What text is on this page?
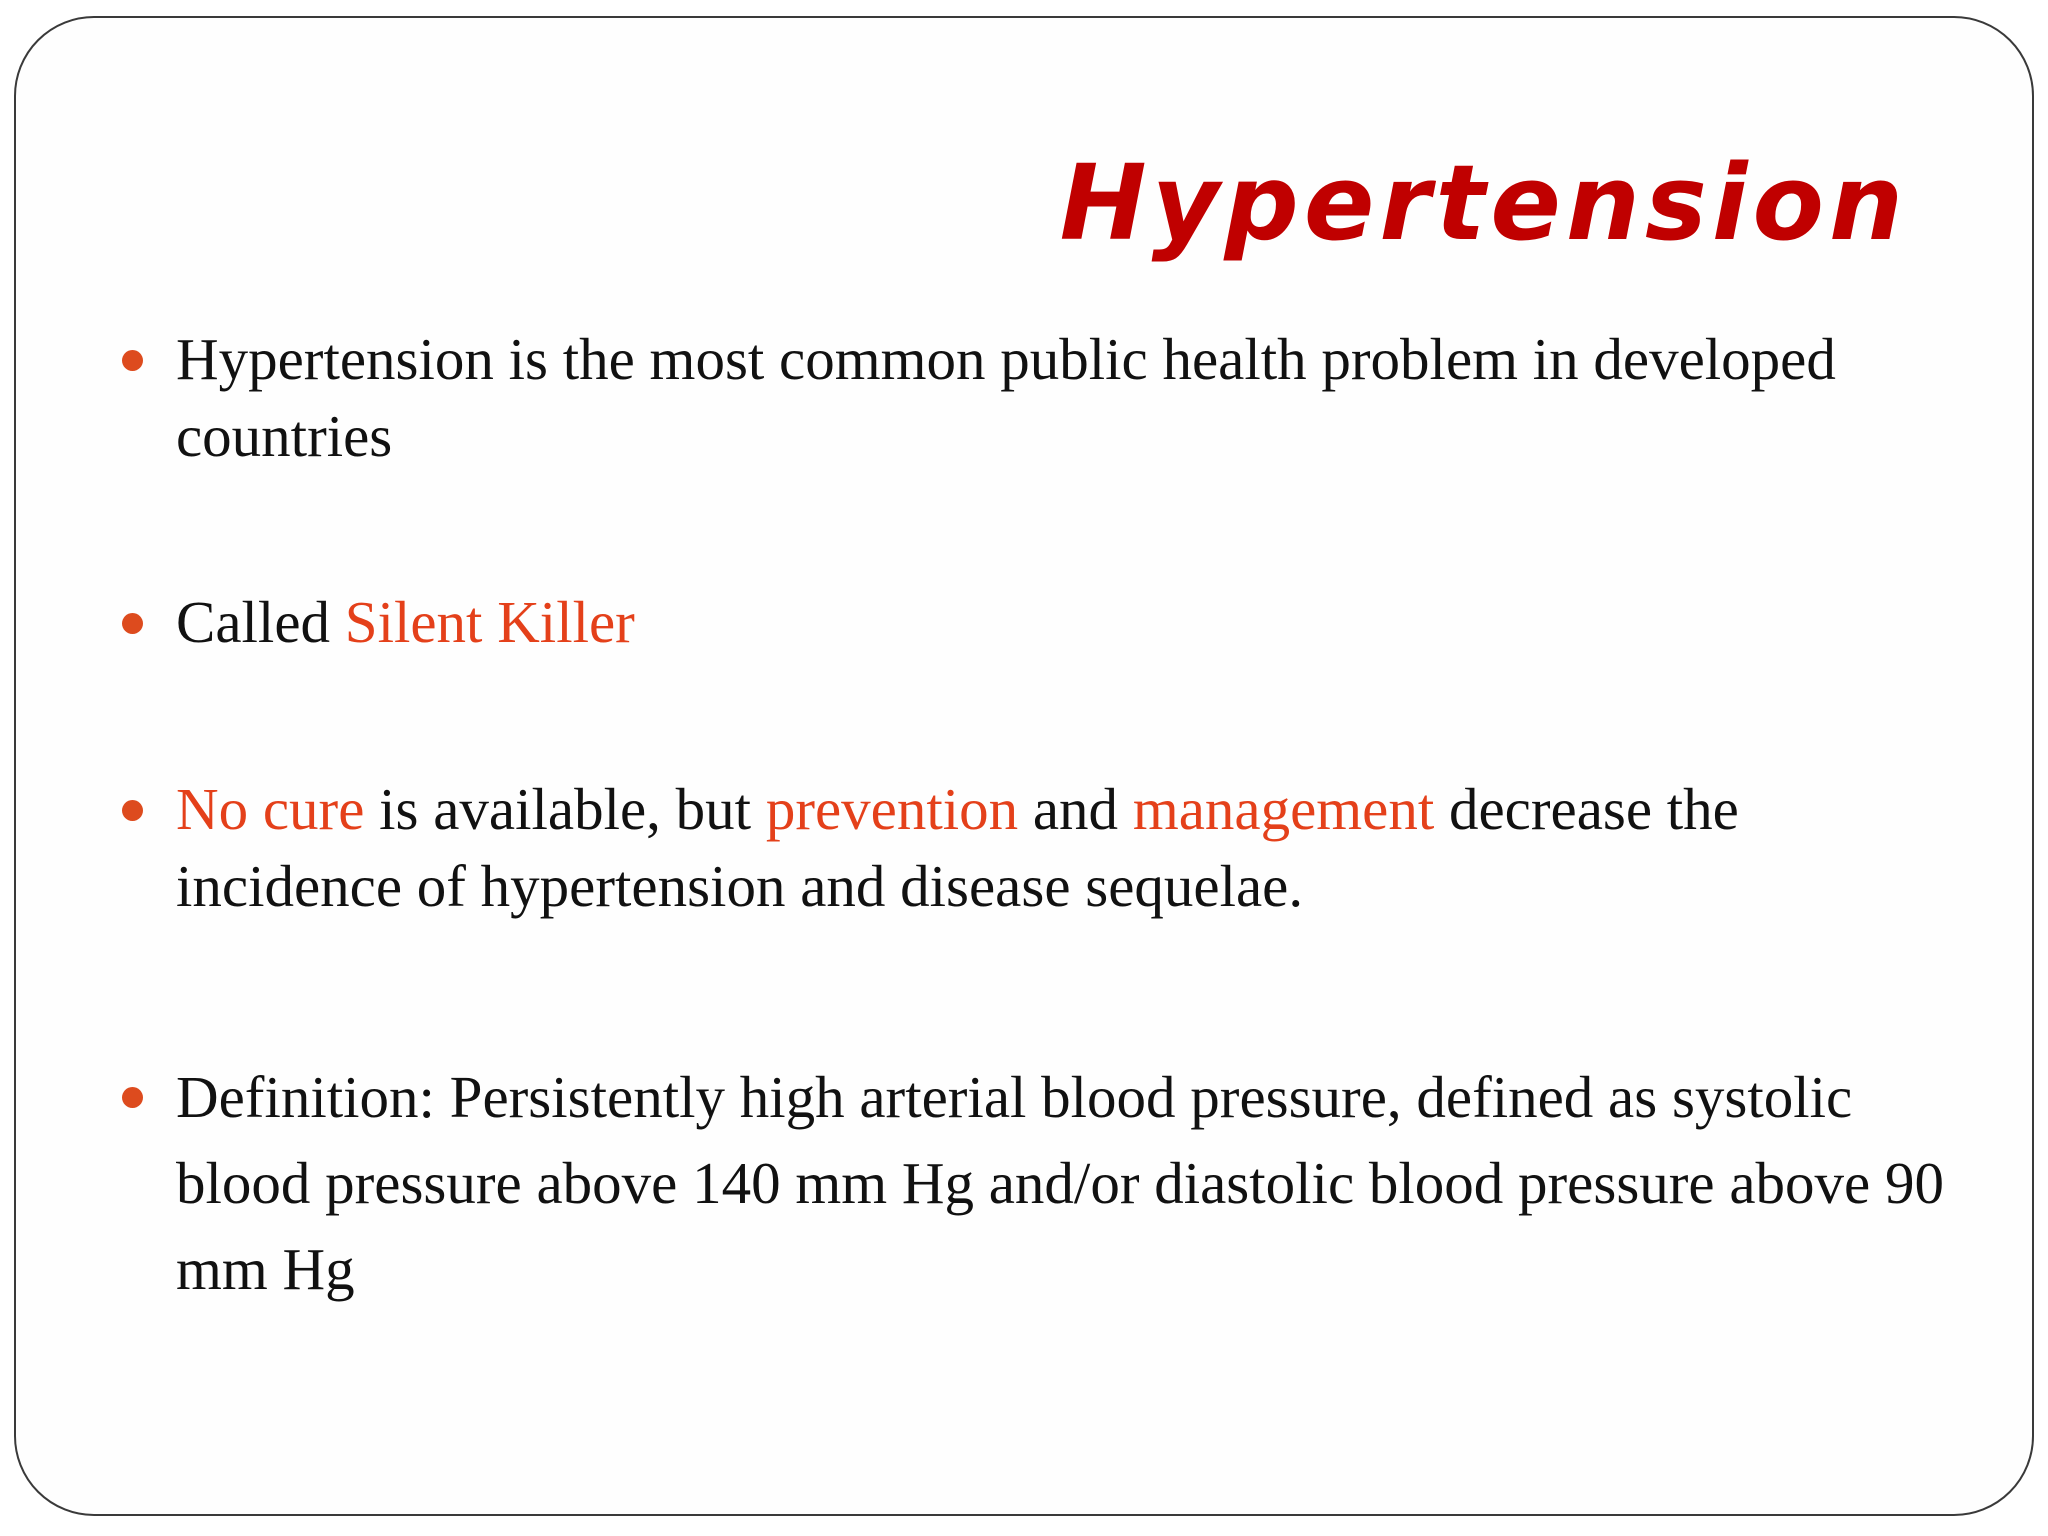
Hypertension
Hypertension is the most common public health problem in developed countries
Called Silent Killer
No cure is available, but prevention and management decrease the incidence of hypertension and disease sequelae.
Definition: Persistently high arterial blood pressure, defined as systolic blood pressure above 140 mm Hg and/or diastolic blood pressure above 90 mm Hg
